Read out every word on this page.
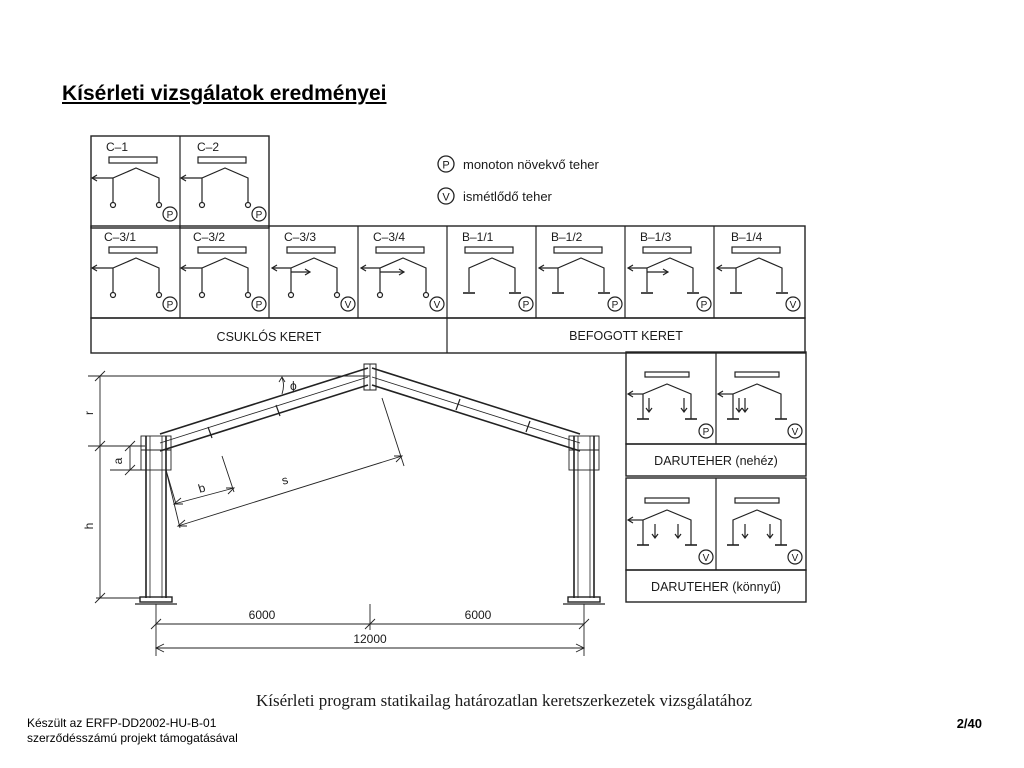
Kísérleti vizsgálatok eredményei
P monoton növekvő teher
V ismétlődő teher
C–1
P
C–2
P
C–3/1
P
C–3/2
P
C–3/3
V
C–3/4
V
B–1/1
P
B–1/2
P
B–1/3
P
B–1/4
V
CSUKLÓS KERET	BEFOGOTT KERET
P	V
DARUTEHER (nehéz)
V	V
DARUTEHER (könnyű)
r
a
h
ϕ
b
s
6000	6000
12000
Kísérleti program statikailag határozatlan keretszerkezetek vizsgálatához
Készült az ERFP-DD2002-HU-B-01
szerződésszámú projekt támogatásával
2/40
